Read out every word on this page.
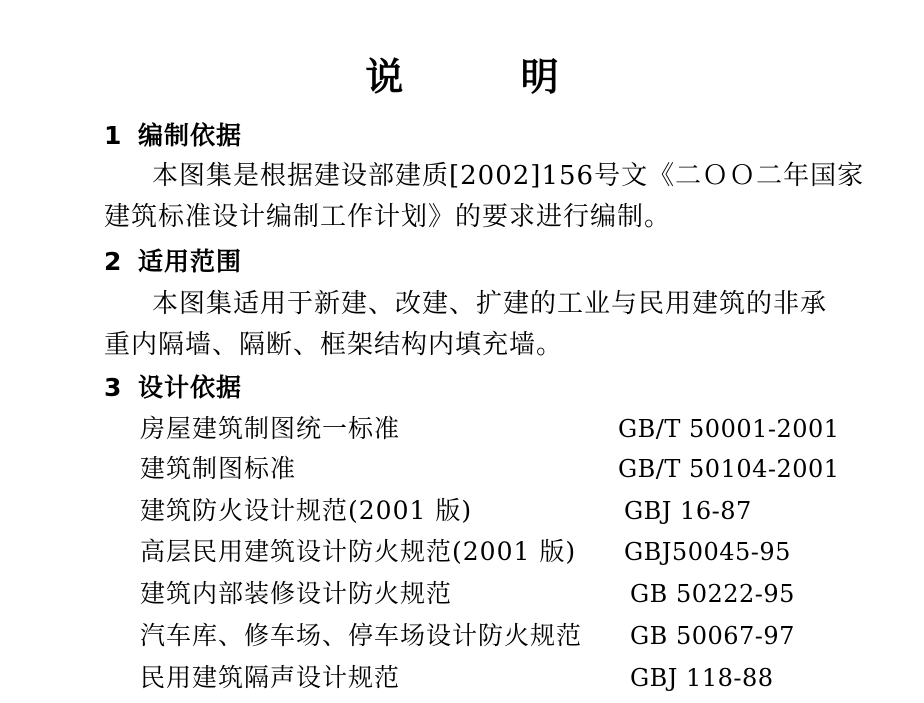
说 明
1 编制依据
本图集是根据建设部建质[2002]156号文《二ＯＯ二年国家
建筑标准设计编制工作计划》的要求进行编制。
2 适用范围
本图集适用于新建、改建、扩建的工业与民用建筑的非承
重内隔墙、隔断、框架结构内填充墙。
3 设计依据
房屋建筑制图统一标准	GB/T 50001-2001
建筑制图标准	GB/T 50104-2001
建筑防火设计规范(2001 版)	GBJ 16-87
高层民用建筑设计防火规范(2001 版) GBJ50045-95
建筑内部装修设计防火规范	GB 50222-95
汽车库、修车场、停车场设计防火规范 GB 50067-97
民用建筑隔声设计规范	GBJ 118-88
